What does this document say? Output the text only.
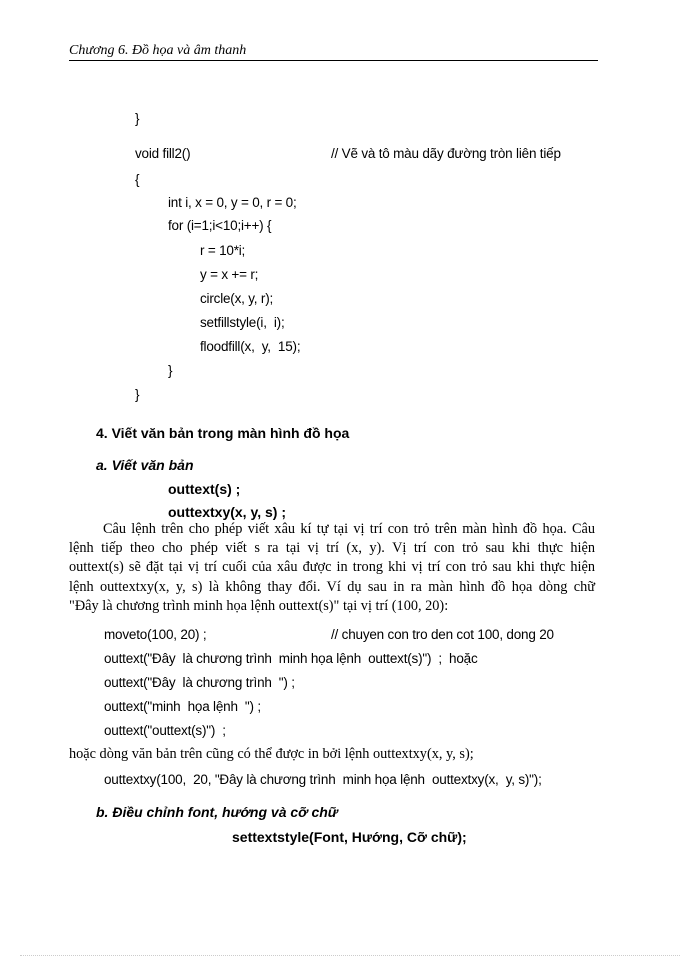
Chương 6. Đồ họa và âm thanh
}
void fill2()	// Vẽ và tô màu dãy đường tròn liên tiếp
{
int i, x = 0, y = 0, r = 0;
for (i=1;i<10;i++) {
r = 10*i;
y = x += r;
circle(x, y, r);
setfillstyle(i,  i);
floodfill(x,  y,  15);
}
}
4. Viết văn bản trong màn hình đồ họa
a. Viết văn bản
outtext(s) ;
outtextxy(x, y, s) ;
Câu lệnh trên cho phép viết xâu kí tự tại vị trí con trỏ trên màn hình đồ họa. Câu
lệnh tiếp theo cho phép viết s ra tại vị trí (x, y). Vị trí con trỏ sau khi thực hiện
outtext(s) sẽ đặt tại vị trí cuối của xâu được in trong khi vị trí con trỏ sau khi thực hiện
lệnh outtextxy(x, y, s) là không thay đổi. Ví dụ sau in ra màn hình đồ họa dòng chữ
"Đây là chương trình minh họa lệnh outtext(s)" tại vị trí (100, 20):
moveto(100, 20) ;	// chuyen con tro den cot 100, dong 20
outtext("Đây  là chương trình  minh họa lệnh  outtext(s)")  ;  hoặc
outtext("Đây  là chương trình  ") ;
outtext("minh  họa lệnh  ") ;
outtext("outtext(s)")  ;
hoặc dòng văn bản trên cũng có thể được in bởi lệnh outtextxy(x, y, s);
outtextxy(100,  20, "Đây là chương trình  minh họa lệnh  outtextxy(x,  y, s)");
b. Điều chỉnh font, hướng và cỡ chữ
settextstyle(Font, Hướng, Cỡ chữ);
